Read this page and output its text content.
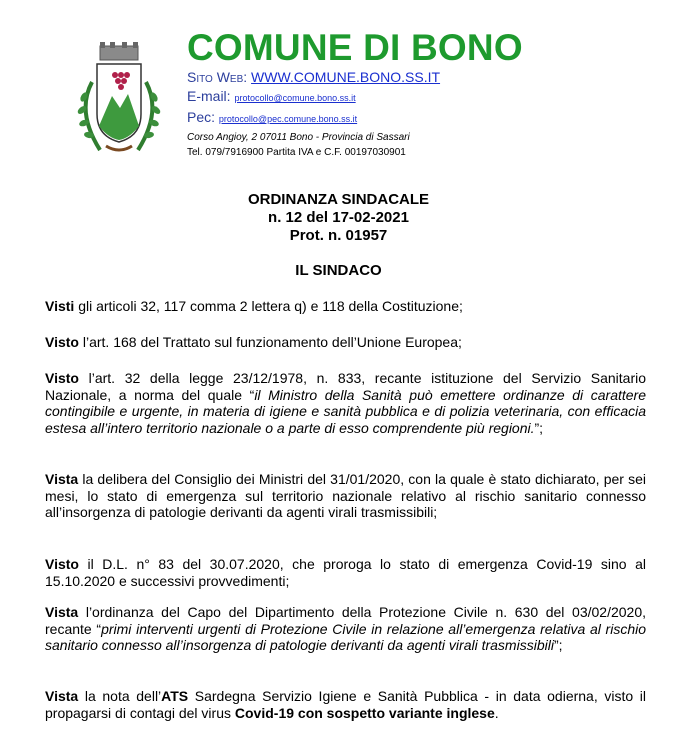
COMUNE DI BONO
Sito Web: WWW.COMUNE.BONO.SS.IT
E-mail: protocollo@comune.bono.ss.it
Pec: protocollo@pec.comune.bono.ss.it
Corso Angioy, 2 07011 Bono - Provincia di Sassari
Tel. 079/7916900 Partita IVA e C.F. 00197030901
ORDINANZA SINDACALE
n. 12 del 17-02-2021
Prot. n. 01957
IL SINDACO
Visti gli articoli 32, 117 comma 2 lettera q) e 118 della Costituzione;
Visto l’art. 168 del Trattato sul funzionamento dell’Unione Europea;
Visto l’art. 32 della legge 23/12/1978, n. 833, recante istituzione del Servizio Sanitario Nazionale, a norma del quale “il Ministro della Sanità può emettere ordinanze di carattere contingibile e urgente, in materia di igiene e sanità pubblica e di polizia veterinaria, con efficacia estesa all’intero territorio nazionale o a parte di esso comprendente più regioni.”;
Vista la delibera del Consiglio dei Ministri del 31/01/2020, con la quale è stato dichiarato, per sei mesi, lo stato di emergenza sul territorio nazionale relativo al rischio sanitario connesso all’insorgenza di patologie derivanti da agenti virali trasmissibili;
Visto il D.L. n° 83 del 30.07.2020, che proroga lo stato di emergenza Covid-19 sino al 15.10.2020 e successivi provvedimenti;
Vista l’ordinanza del Capo del Dipartimento della Protezione Civile n. 630 del 03/02/2020, recante “primi interventi urgenti di Protezione Civile in relazione all’emergenza relativa al rischio sanitario connesso all’insorgenza di patologie derivanti da agenti virali trasmissibili”;
Vista la nota dell’ATS Sardegna Servizio Igiene e Sanità Pubblica - in data odierna, visto il propagarsi di contagi del virus Covid-19 con sospetto variante inglese.
